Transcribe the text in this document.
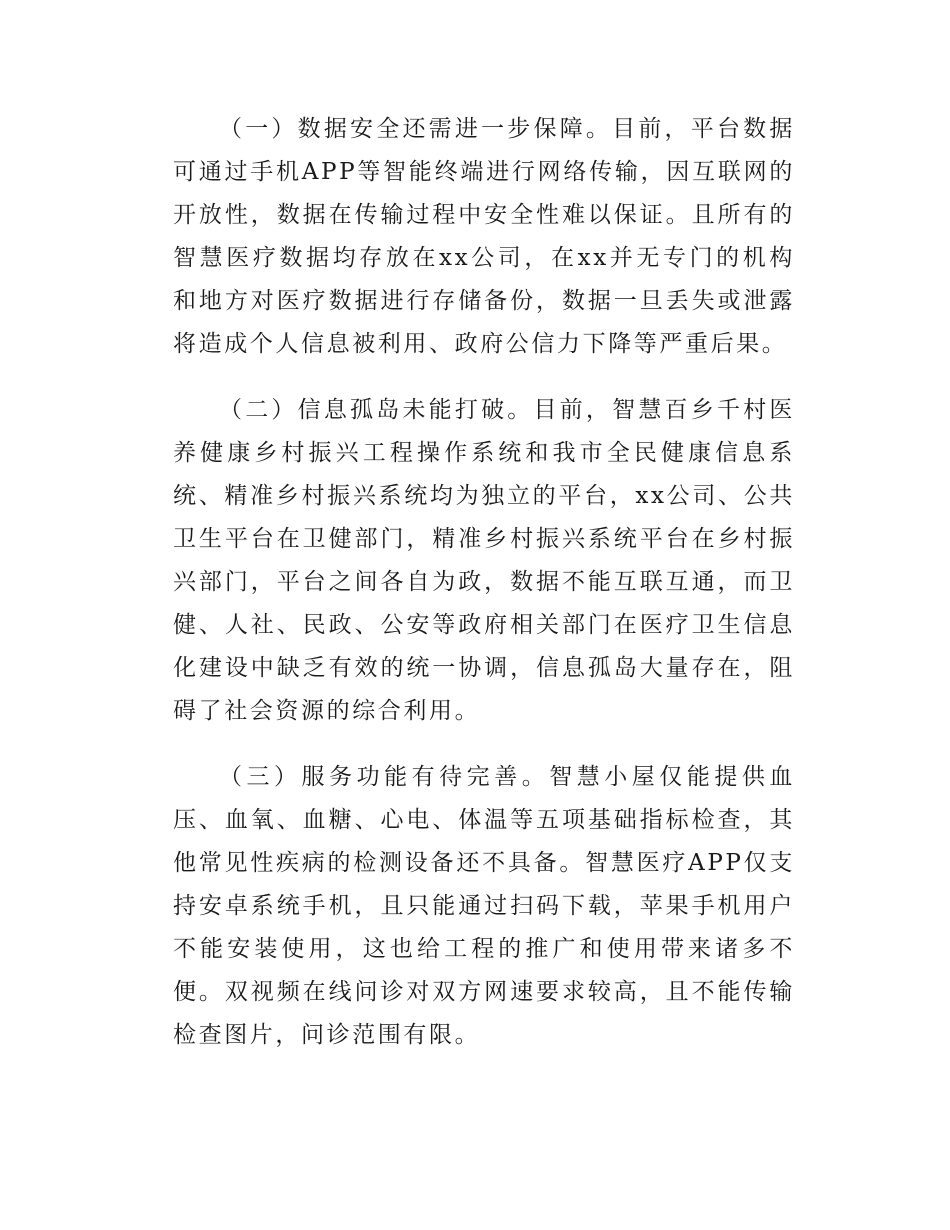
（一）数据安全还需进一步保障。目前，平台数据可通过手机APP等智能终端进行网络传输，因互联网的开放性，数据在传输过程中安全性难以保证。且所有的智慧医疗数据均存放在xx公司，在xx并无专门的机构和地方对医疗数据进行存储备份，数据一旦丢失或泄露将造成个人信息被利用、政府公信力下降等严重后果。

（二）信息孤岛未能打破。目前，智慧百乡千村医养健康乡村振兴工程操作系统和我市全民健康信息系统、精准乡村振兴系统均为独立的平台，xx公司、公共卫生平台在卫健部门，精准乡村振兴系统平台在乡村振兴部门，平台之间各自为政，数据不能互联互通，而卫健、人社、民政、公安等政府相关部门在医疗卫生信息化建设中缺乏有效的统一协调，信息孤岛大量存在，阻碍了社会资源的综合利用。

（三）服务功能有待完善。智慧小屋仅能提供血压、血氧、血糖、心电、体温等五项基础指标检查，其他常见性疾病的检测设备还不具备。智慧医疗APP仅支持安卓系统手机，且只能通过扫码下载，苹果手机用户不能安装使用，这也给工程的推广和使用带来诸多不便。双视频在线问诊对双方网速要求较高，且不能传输检查图片，问诊范围有限。
